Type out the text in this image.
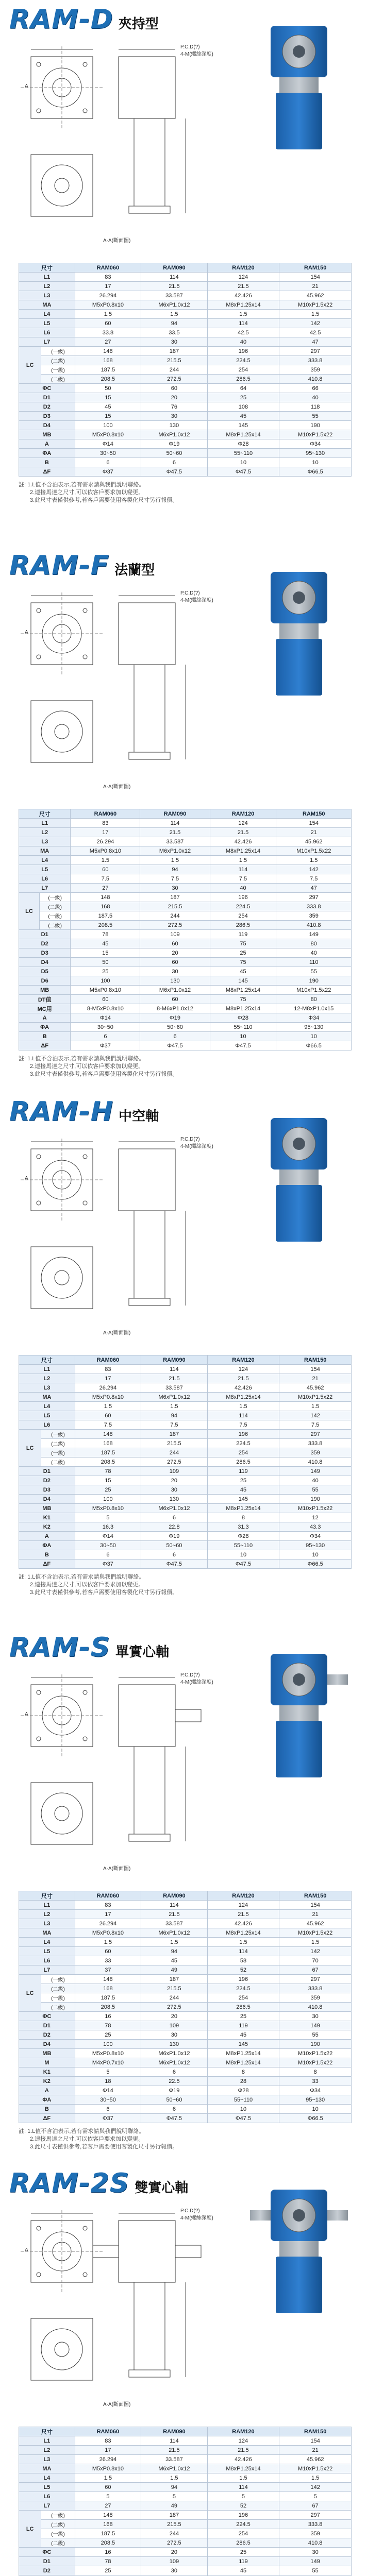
RAM-D 夾持型
P.C.D(?)
4-M(螺絲深度)
A-A(斷面圖)
A
尺寸		RAM060	RAM090	RAM120	RAM150
L1		83	114	124	154
L2		17	21.5	21.5	21
L3		26.294	33.587	42.426	45.962
MA		M5xP0.8x10	M6xP1.0x12	M8xP1.25x14	M10xP1.5x22
L4		1.5	1.5	1.5	1.5
L5		60	94	114	142
L6		33.8	33.5	42.5	42.5
L7		27	30	40	47
LC	(一級)	148	187	196	297
	(二級)	168	215.5	224.5	333.8
	(一級)	187.5	244	254	359
	(二級)	208.5	272.5	286.5	410.8
ΦC		50	60	64	66
D1		15	20	25	40
D2		45	76	108	118
D3		15	30	45	55
D4		100	130	145	190
MB		M5xP0.8x10	M6xP1.0x12	M8xP1.25x14	M10xP1.5x22
A		Φ14	Φ19	Φ28	Φ34
ΦA		30~50	50~60	55~110	95~130
B		6	6	10	10
ΔF		Φ37	Φ47.5	Φ47.5	Φ66.5
註: 1.L值不含泊表示,若有需求請與我們說明聯絡。
　　2.連接馬達之尺寸,可以依客戶要求加以變更。
　　3.此尺寸表僅供參考,若客戶需要使用客製化尺寸另行報價。
RAM-F 法蘭型
P.C.D(?)
4-M(螺絲深度)
A-A(斷面圖)
A
尺寸		RAM060	RAM090	RAM120	RAM150
L1		83	114	124	154
L2		17	21.5	21.5	21
L3		26.294	33.587	42.426	45.962
MA		M5xP0.8x10	M6xP1.0x12	M8xP1.25x14	M10xP1.5x22
L4		1.5	1.5	1.5	1.5
L5		60	94	114	142
L6		7.5	7.5	7.5	7.5
L7		27	30	40	47
LC	(一級)	148	187	196	297
	(二級)	168	215.5	224.5	333.8
	(一級)	187.5	244	254	359
	(二級)	208.5	272.5	286.5	410.8
D1		78	109	119	149
D2		45	60	75	80
D3		15	20	25	40
D4		50	60	75	110
D5		25	30	45	55
D6		100	130	145	190
MB		M5xP0.8x10	M6xP1.0x12	M8xP1.25x14	M10xP1.5x22
DT值		60	60	75	80
MC用		8-M5xP0.8x10	8-M6xP1.0x12	M8xP1.25x14	12-M8xP1.0x15
A		Φ14	Φ19	Φ28	Φ34
ΦA		30~50	50~60	55~110	95~130
B		6	6	10	10
ΔF		Φ37	Φ47.5	Φ47.5	Φ66.5
註: 1.L值不含泊表示,若有需求請與我們說明聯絡。
　　2.連接馬達之尺寸,可以依客戶要求加以變更。
　　3.此尺寸表僅供參考,若客戶需要使用客製化尺寸另行報價。
RAM-H 中空軸
P.C.D(?)
4-M(螺絲深度)
A-A(斷面圖)
A
尺寸		RAM060	RAM090	RAM120	RAM150
L1		83	114	124	154
L2		17	21.5	21.5	21
L3		26.294	33.587	42.426	45.962
MA		M5xP0.8x10	M6xP1.0x12	M8xP1.25x14	M10xP1.5x22
L4		1.5	1.5	1.5	1.5
L5		60	94	114	142
L6		7.5	7.5	7.5	7.5
LC	(一級)	148	187	196	297
	(二級)	168	215.5	224.5	333.8
	(一級)	187.5	244	254	359
	(二級)	208.5	272.5	286.5	410.8
D1		78	109	119	149
D2		15	20	25	40
D3		25	30	45	55
D4		100	130	145	190
MB		M5xP0.8x10	M6xP1.0x12	M8xP1.25x14	M10xP1.5x22
K1		5	6	8	12
K2		16.3	22.8	31.3	43.3
A		Φ14	Φ19	Φ28	Φ34
ΦA		30~50	50~60	55~110	95~130
B		6	6	10	10
ΔF		Φ37	Φ47.5	Φ47.5	Φ66.5
註: 1.L值不含泊表示,若有需求請與我們說明聯絡。
　　2.連接馬達之尺寸,可以依客戶要求加以變更。
　　3.此尺寸表僅供參考,若客戶需要使用客製化尺寸另行報價。
RAM-S 單實心軸
P.C.D(?)
4-M(螺絲深度)
A-A(斷面圖)
A
尺寸		RAM060	RAM090	RAM120	RAM150
L1		83	114	124	154
L2		17	21.5	21.5	21
L3		26.294	33.587	42.426	45.962
MA		M5xP0.8x10	M6xP1.0x12	M8xP1.25x14	M10xP1.5x22
L4		1.5	1.5	1.5	1.5
L5		60	94	114	142
L6		33	45	58	70
L7		37	49	52	67
LC	(一級)	148	187	196	297
	(二級)	168	215.5	224.5	333.8
	(一級)	187.5	244	254	359
	(二級)	208.5	272.5	286.5	410.8
ΦC		16	20	25	30
D1		78	109	119	149
D2		25	30	45	55
D4		100	130	145	190
MB		M5xP0.8x10	M6xP1.0x12	M8xP1.25x14	M10xP1.5x22
M		M4xP0.7x10	M6xP1.0x12	M8xP1.25x14	M10xP1.5x22
K1		5	6	8	8
K2		18	22.5	28	33
A		Φ14	Φ19	Φ28	Φ34
ΦA		30~50	50~60	55~110	95~130
B		6	6	10	10
ΔF		Φ37	Φ47.5	Φ47.5	Φ66.5
註: 1.L值不含泊表示,若有需求請與我們說明聯絡。
　　2.連接馬達之尺寸,可以依客戶要求加以變更。
　　3.此尺寸表僅供參考,若客戶需要使用客製化尺寸另行報價。
RAM-2S 雙實心軸
P.C.D(?)
4-M(螺絲深度)
A-A(斷面圖)
A
尺寸		RAM060	RAM090	RAM120	RAM150
L1		83	114	124	154
L2		17	21.5	21.5	21
L3		26.294	33.587	42.426	45.962
MA		M5xP0.8x10	M6xP1.0x12	M8xP1.25x14	M10xP1.5x22
L4		1.5	1.5	1.5	1.5
L5		60	94	114	142
L6		5	5	5	5
L7		27	49	52	67
LC	(一級)	148	187	196	297
	(二級)	168	215.5	224.5	333.8
	(一級)	187.5	244	254	359
	(二級)	208.5	272.5	286.5	410.8
ΦC		16	20	25	30
D1		78	109	119	149
D2		25	30	45	55
